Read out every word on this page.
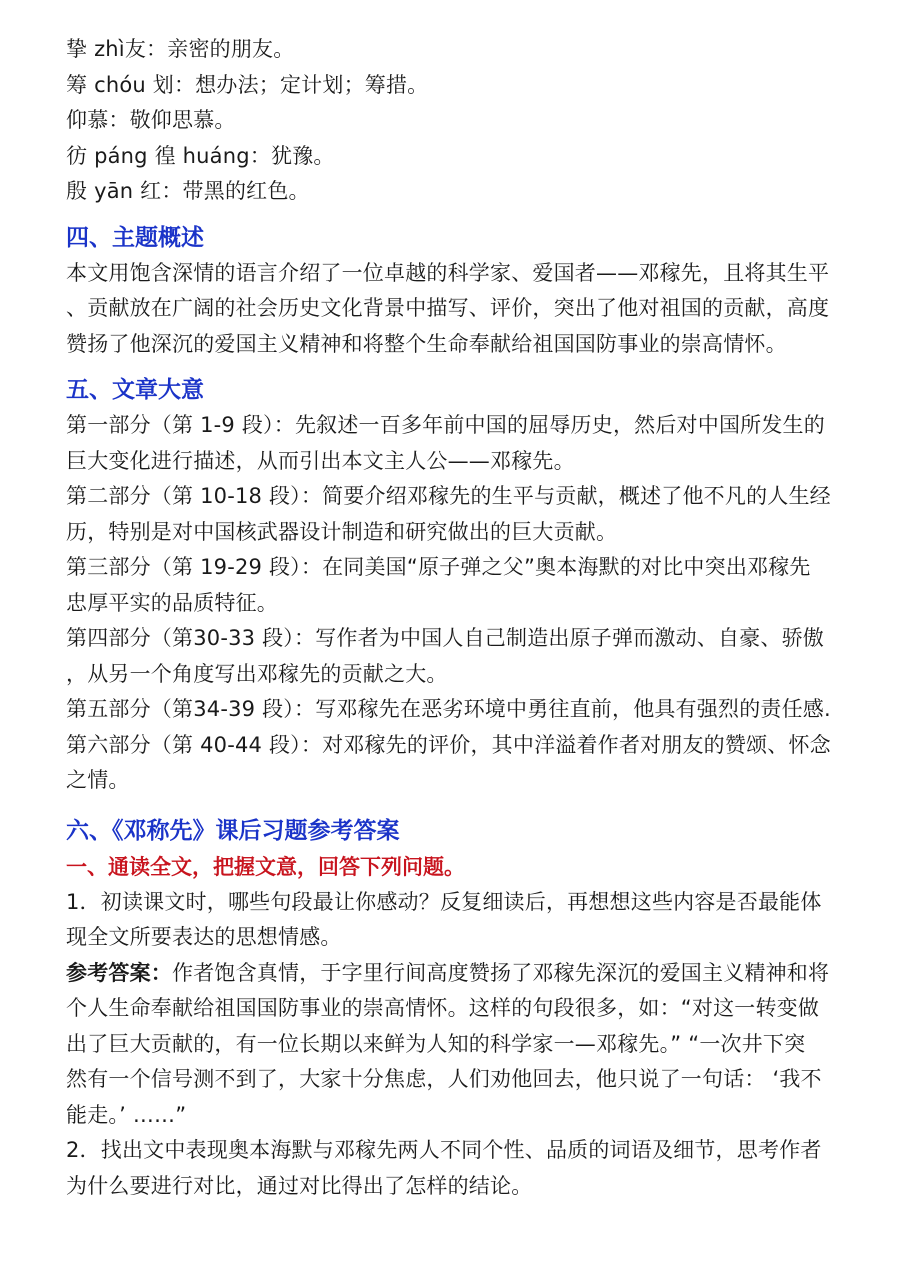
挚 zhì友：亲密的朋友。
筹 chóu 划：想办法；定计划；筹措。
仰慕：敬仰思慕。
彷 páng 徨 huáng：犹豫。
殷 yān 红：带黑的红色。
四、主题概述
本文用饱含深情的语言介绍了一位卓越的科学家、爱国者——邓稼先，且将其生平
、贡献放在广阔的社会历史文化背景中描写、评价，突出了他对祖国的贡献，高度
赞扬了他深沉的爱国主义精神和将整个生命奉献给祖国国防事业的崇高情怀。
五、文章大意
第一部分（第 1-9 段）：先叙述一百多年前中国的屈辱历史，然后对中国所发生的
巨大变化进行描述，从而引出本文主人公——邓稼先。
第二部分（第 10-18 段）：简要介绍邓稼先的生平与贡献，概述了他不凡的人生经
历，特别是对中国核武器设计制造和研究做出的巨大贡献。
第三部分（第 19-29 段）：在同美国“原子弹之父”奥本海默的对比中突出邓稼先
忠厚平实的品质特征。
第四部分（第30-33 段）：写作者为中国人自己制造出原子弹而激动、自豪、骄傲
，从另一个角度写出邓稼先的贡献之大。
第五部分（第34-39 段）：写邓稼先在恶劣环境中勇往直前，他具有强烈的责任感.
第六部分（第 40-44 段）：对邓稼先的评价，其中洋溢着作者对朋友的赞颂、怀念
之情。
六、《邓称先》课后习题参考答案
一、通读全文，把握文意，回答下列问题。
1．初读课文时，哪些句段最让你感动？反复细读后，再想想这些内容是否最能体
现全文所要表达的思想情感。
参考答案：作者饱含真情，于字里行间高度赞扬了邓稼先深沉的爱国主义精神和将
个人生命奉献给祖国国防事业的崇高情怀。这样的句段很多，如：“对这一转变做
出了巨大贡献的，有一位长期以来鲜为人知的科学家一—邓稼先。” “一次井下突
然有一个信号测不到了，大家十分焦虑，人们劝他回去，他只说了一句话： ‘我不
能走。’ ……”
2．找出文中表现奥本海默与邓稼先两人不同个性、品质的词语及细节，思考作者
为什么要进行对比，通过对比得出了怎样的结论。
